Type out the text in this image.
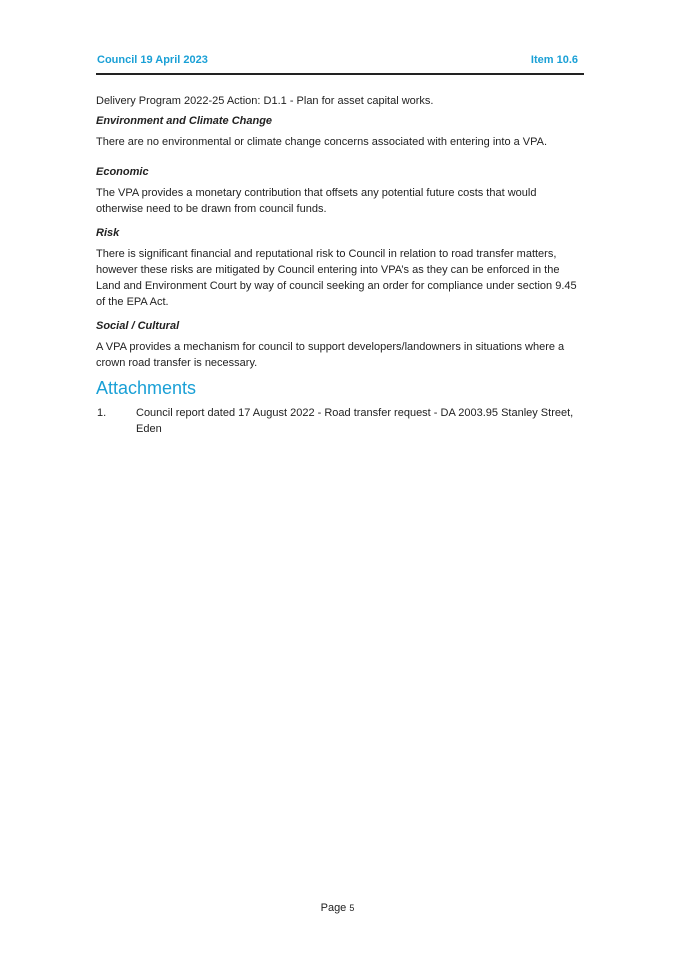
Council 19 April 2023	Item 10.6

Delivery Program 2022-25 Action: D1.1 - Plan for asset capital works.

Environment and Climate Change

There are no environmental or climate change concerns associated with entering into a VPA.

Economic

The VPA provides a monetary contribution that offsets any potential future costs that would otherwise need to be drawn from council funds.

Risk

There is significant financial and reputational risk to Council in relation to road transfer matters, however these risks are mitigated by Council entering into VPA’s as they can be enforced in the Land and Environment Court by way of council seeking an order for compliance under section 9.45 of the EPA Act.

Social / Cultural

A VPA provides a mechanism for council to support developers/landowners in situations where a crown road transfer is necessary.

Attachments
1.	Council report dated 17 August 2022 - Road transfer request - DA 2003.95 Stanley Street, Eden
Page 5
